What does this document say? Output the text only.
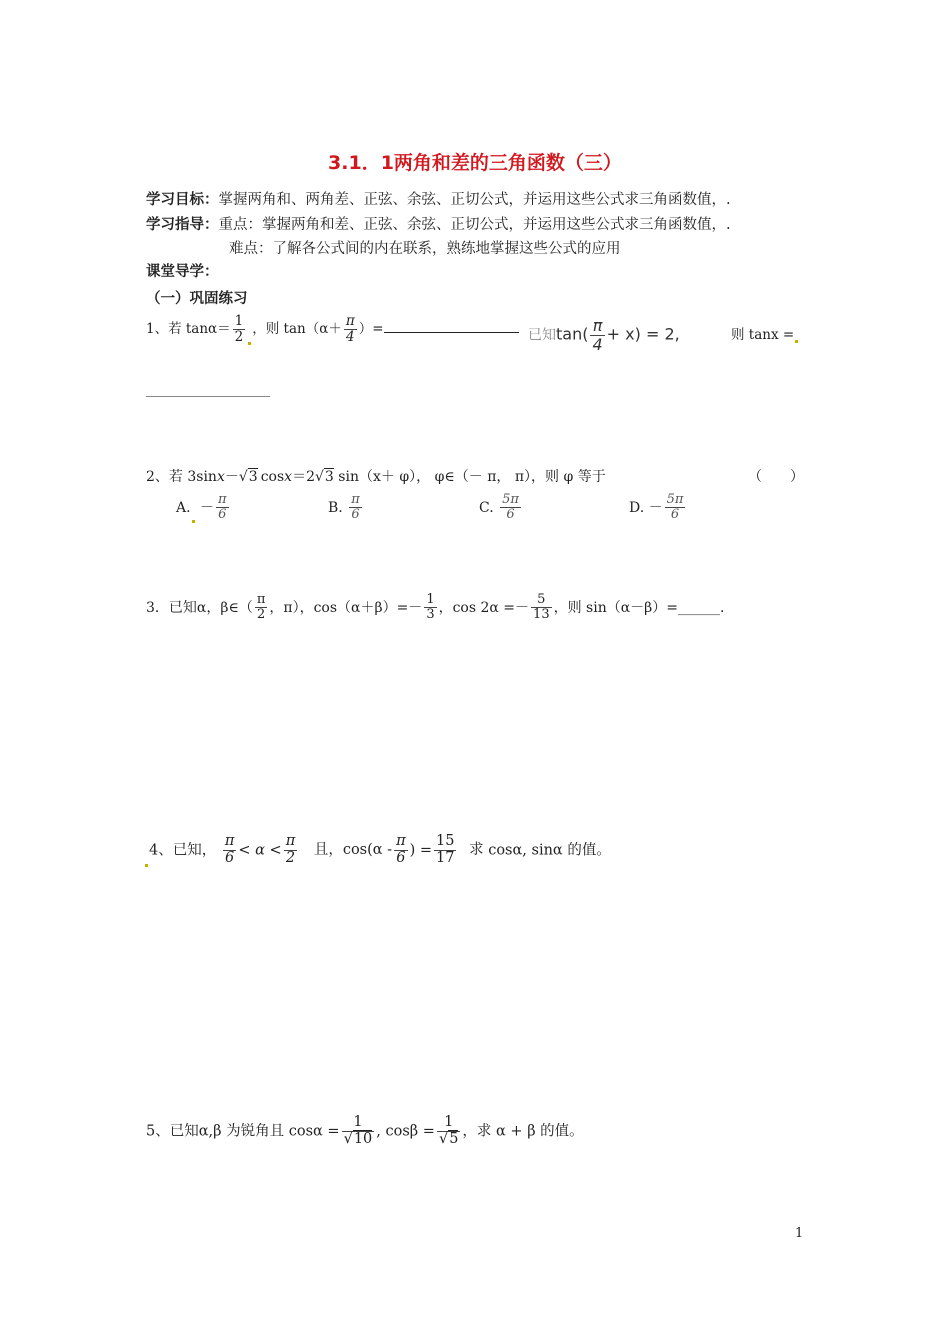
3.1．1两角和差的三角函数（三）
学习目标：掌握两角和、两角差、正弦、余弦、正切公式，并运用这些公式求三角函数值，.
学习指导：重点：掌握两角和差、正弦、余弦、正切公式，并运用这些公式求三角函数值，.
难点：了解各公式间的内在联系，熟练地掌握这些公式的应用
课堂导学：
（一）巩固练习
1、若 $\tan\alpha= \frac{1}{2}$ ，则 $\tan(\alpha+ \frac{\pi}{4}$ ）=	已知$\tan( \frac{\pi}{4} + x) = 2$,	则 tanx =
2、若 3sinx－√3 cosx＝2√3 sin（x＋ φ）， φ∈（－ π， π），则 φ 等于	（　　）
A. － $\frac{\pi}{6}$	B. $\frac{\pi}{6}$	C. $\frac{5\pi}{6}$	D. － $\frac{5\pi}{6}$
3．已知α，β∈（ $\frac{\pi}{2}$ ，π），$\cos(\alpha+\beta)=- \frac{1}{3}$ ，$\cos 2\alpha =- \frac{5}{13}$ ，则 sin（α－β）=______.
4、已知， $\frac{\pi}{6} < \alpha < \frac{\pi}{2}$ 且，$\cos(\alpha - \frac{\pi}{6}$ ) = $\frac{15}{17}$ 求 cosα, sinα 的值。
5、已知α,β 为锐角且 $\cos\alpha = \frac{1}{√10}$ , $\cos\beta = \frac{1}{√5}$ ，求 α + β 的值。
1
